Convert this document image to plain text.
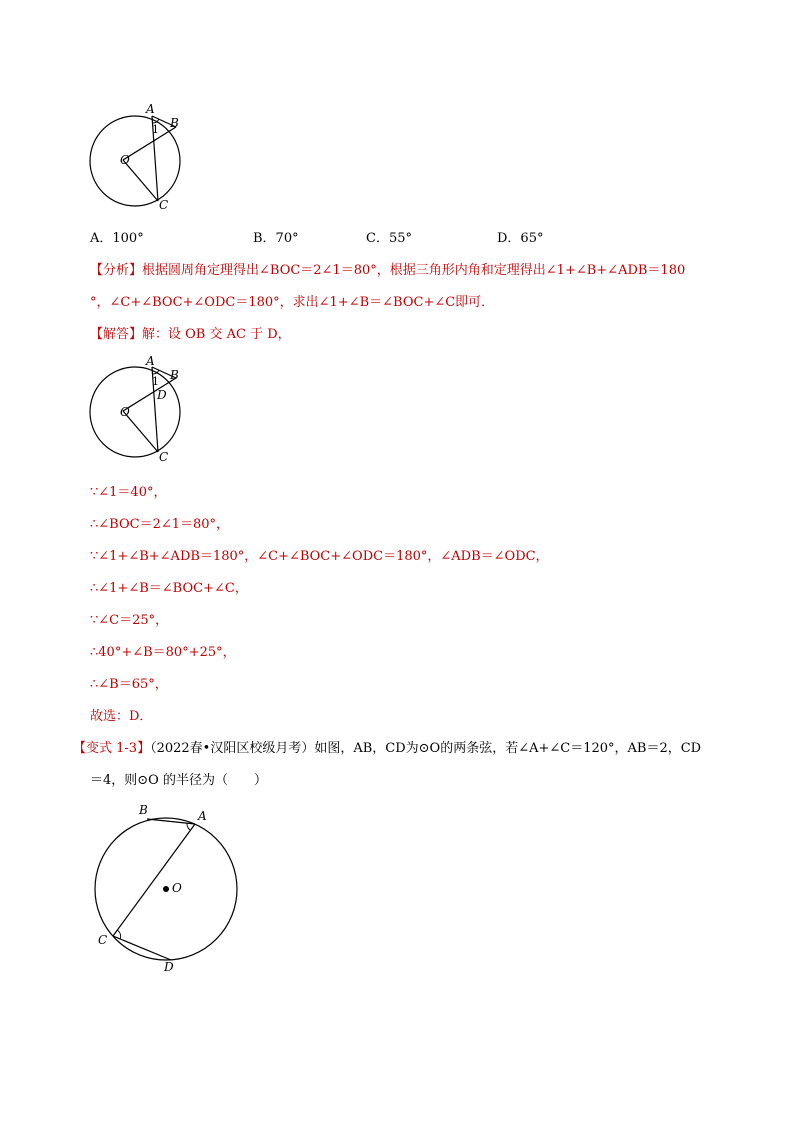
A
B
O
C
1
A．100°	B．70°	C．55°	D．65°
【分析】根据圆周角定理得出∠BOC＝2∠1＝80°，根据三角形内角和定理得出∠1+∠B+∠ADB＝180
°，∠C+∠BOC+∠ODC＝180°，求出∠1+∠B＝∠BOC+∠C即可．
【解答】解：设 OB 交 AC 于 D，
A
B
O
D
C
1
∵∠1＝40°，
∴∠BOC＝2∠1＝80°，
∵∠1+∠B+∠ADB＝180°，∠C+∠BOC+∠ODC＝180°，∠ADB＝∠ODC，
∴∠1+∠B＝∠BOC+∠C，
∵∠C＝25°，
∴40°+∠B＝80°+25°，
∴∠B＝65°，
故选：D．
【变式 1-3】（2022春•汉阳区校级月考）如图，AB，CD为⊙O的两条弦，若∠A+∠C＝120°，AB＝2，CD
＝4，则⊙O 的半径为（　　）
B	A
O
C
D
